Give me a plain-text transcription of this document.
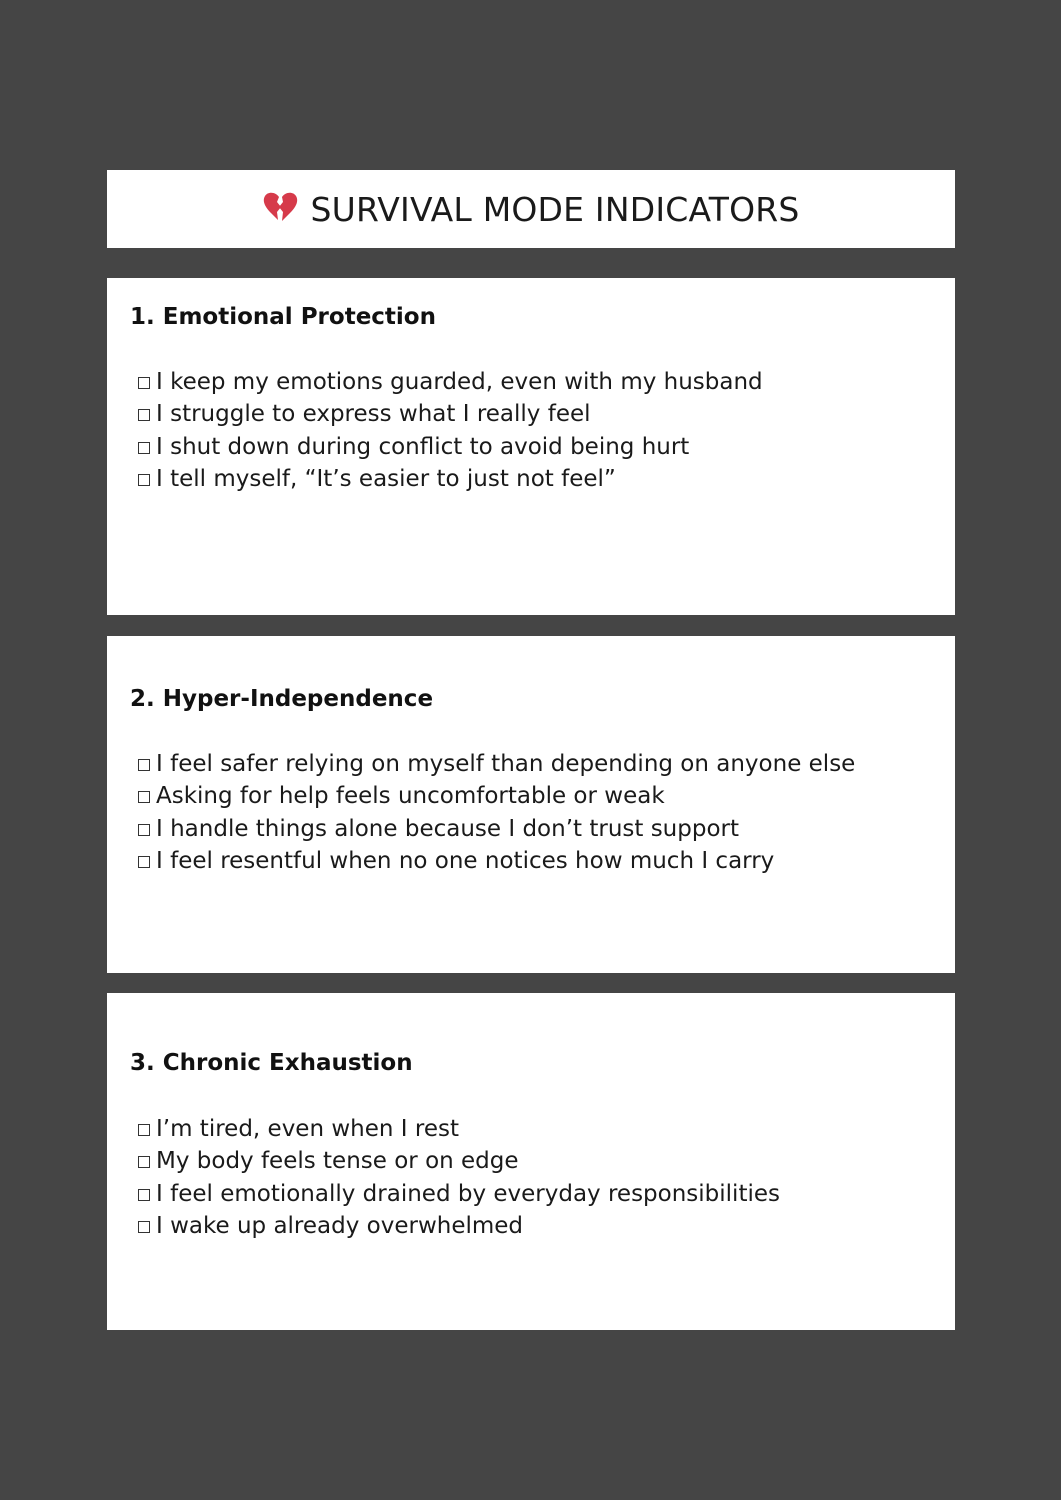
SURVIVAL MODE INDICATORS
1. Emotional Protection
I keep my emotions guarded, even with my husband
I struggle to express what I really feel
I shut down during conflict to avoid being hurt
I tell myself, “It’s easier to just not feel”
2. Hyper-Independence
I feel safer relying on myself than depending on anyone else
Asking for help feels uncomfortable or weak
I handle things alone because I don’t trust support
I feel resentful when no one notices how much I carry
3. Chronic Exhaustion
I’m tired, even when I rest
My body feels tense or on edge
I feel emotionally drained by everyday responsibilities
I wake up already overwhelmed
